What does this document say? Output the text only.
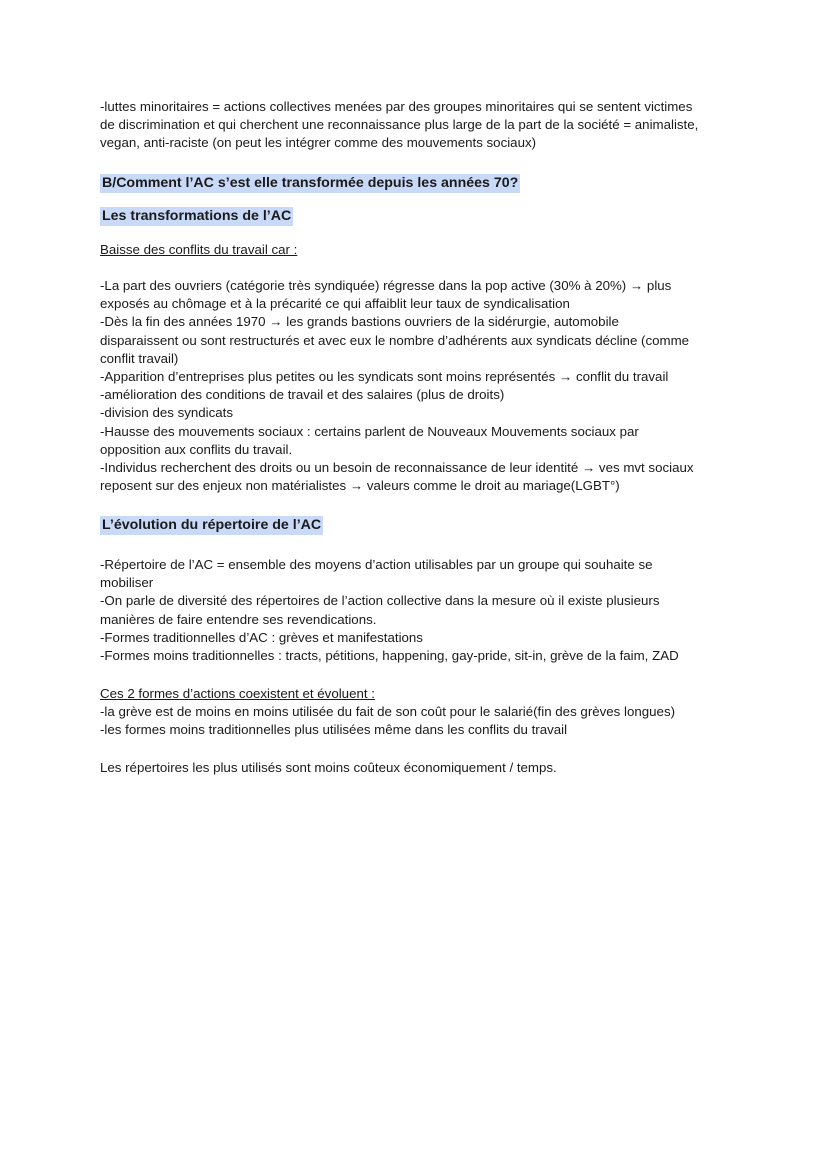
-luttes minoritaires = actions collectives menées par des groupes minoritaires qui se sentent victimes
de discrimination et qui cherchent une reconnaissance plus large de la part de la société = animaliste,
vegan, anti-raciste (on peut les intégrer comme des mouvements sociaux)
B/Comment l’AC s’est elle transformée depuis les années 70?
Les transformations de l’AC
Baisse des conflits du travail car :
-La part des ouvriers (catégorie très syndiquée) régresse dans la pop active (30% à 20%) → plus
exposés au chômage et à la précarité ce qui affaiblit leur taux de syndicalisation
-Dès la fin des années 1970 → les grands bastions ouvriers de la sidérurgie, automobile
disparaissent ou sont restructurés et avec eux le nombre d’adhérents aux syndicats décline (comme
conflit travail)
-Apparition d’entreprises plus petites ou les syndicats sont moins représentés → conflit du travail
-amélioration des conditions de travail et des salaires (plus de droits)
-division des syndicats
-Hausse des mouvements sociaux : certains parlent de Nouveaux Mouvements sociaux par
opposition aux conflits du travail.
-Individus recherchent des droits ou un besoin de reconnaissance de leur identité → ves mvt sociaux
reposent sur des enjeux non matérialistes → valeurs comme le droit au mariage(LGBT°)
L’évolution du répertoire de l’AC
-Répertoire de l’AC = ensemble des moyens d’action utilisables par un groupe qui souhaite se
mobiliser
-On parle de diversité des répertoires de l’action collective dans la mesure où il existe plusieurs
manières de faire entendre ses revendications.
-Formes traditionnelles d’AC : grèves et manifestations
-Formes moins traditionnelles : tracts, pétitions, happening, gay-pride, sit-in, grève de la faim, ZAD
Ces 2 formes d’actions coexistent et évoluent :
-la grève est de moins en moins utilisée du fait de son coût pour le salarié(fin des grèves longues)
-les formes moins traditionnelles plus utilisées même dans les conflits du travail
Les répertoires les plus utilisés sont moins coûteux économiquement / temps.
